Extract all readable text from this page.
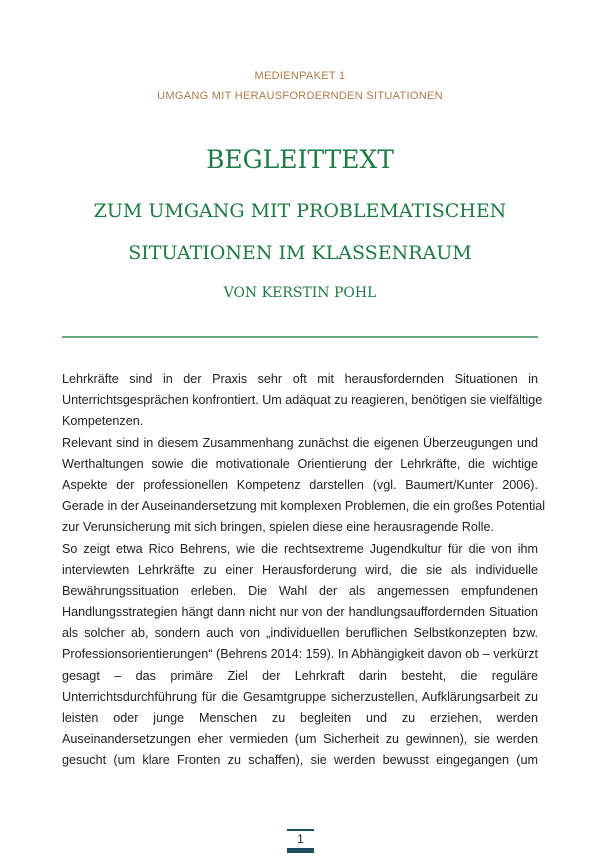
MEDIENPAKET 1
UMGANG MIT HERAUSFORDERNDEN SITUATIONEN
BEGLEITTEXT
ZUM UMGANG MIT PROBLEMATISCHEN
SITUATIONEN IM KLASSENRAUM
VON KERSTIN POHL
Lehrkräfte sind in der Praxis sehr oft mit herausfordernden Situationen in
Unterrichtsgesprächen konfrontiert. Um adäquat zu reagieren, benötigen sie vielfältige
Kompetenzen.
Relevant sind in diesem Zusammenhang zunächst die eigenen Überzeugungen und
Werthaltungen sowie die motivationale Orientierung der Lehrkräfte, die wichtige
Aspekte der professionellen Kompetenz darstellen (vgl. Baumert/Kunter 2006).
Gerade in der Auseinandersetzung mit komplexen Problemen, die ein großes Potential
zur Verunsicherung mit sich bringen, spielen diese eine herausragende Rolle.
So zeigt etwa Rico Behrens, wie die rechtsextreme Jugendkultur für die von ihm
interviewten Lehrkräfte zu einer Herausforderung wird, die sie als individuelle
Bewährungssituation erleben. Die Wahl der als angemessen empfundenen
Handlungsstrategien hängt dann nicht nur von der handlungsauffordernden Situation
als solcher ab, sondern auch von „individuellen beruflichen Selbstkonzepten bzw.
Professionsorientierungen“ (Behrens 2014: 159). In Abhängigkeit davon ob – verkürzt
gesagt – das primäre Ziel der Lehrkraft darin besteht, die reguläre
Unterrichtsdurchführung für die Gesamtgruppe sicherzustellen, Aufklärungsarbeit zu
leisten oder junge Menschen zu begleiten und zu erziehen, werden
Auseinandersetzungen eher vermieden (um Sicherheit zu gewinnen), sie werden
gesucht (um klare Fronten zu schaffen), sie werden bewusst eingegangen (um
1
